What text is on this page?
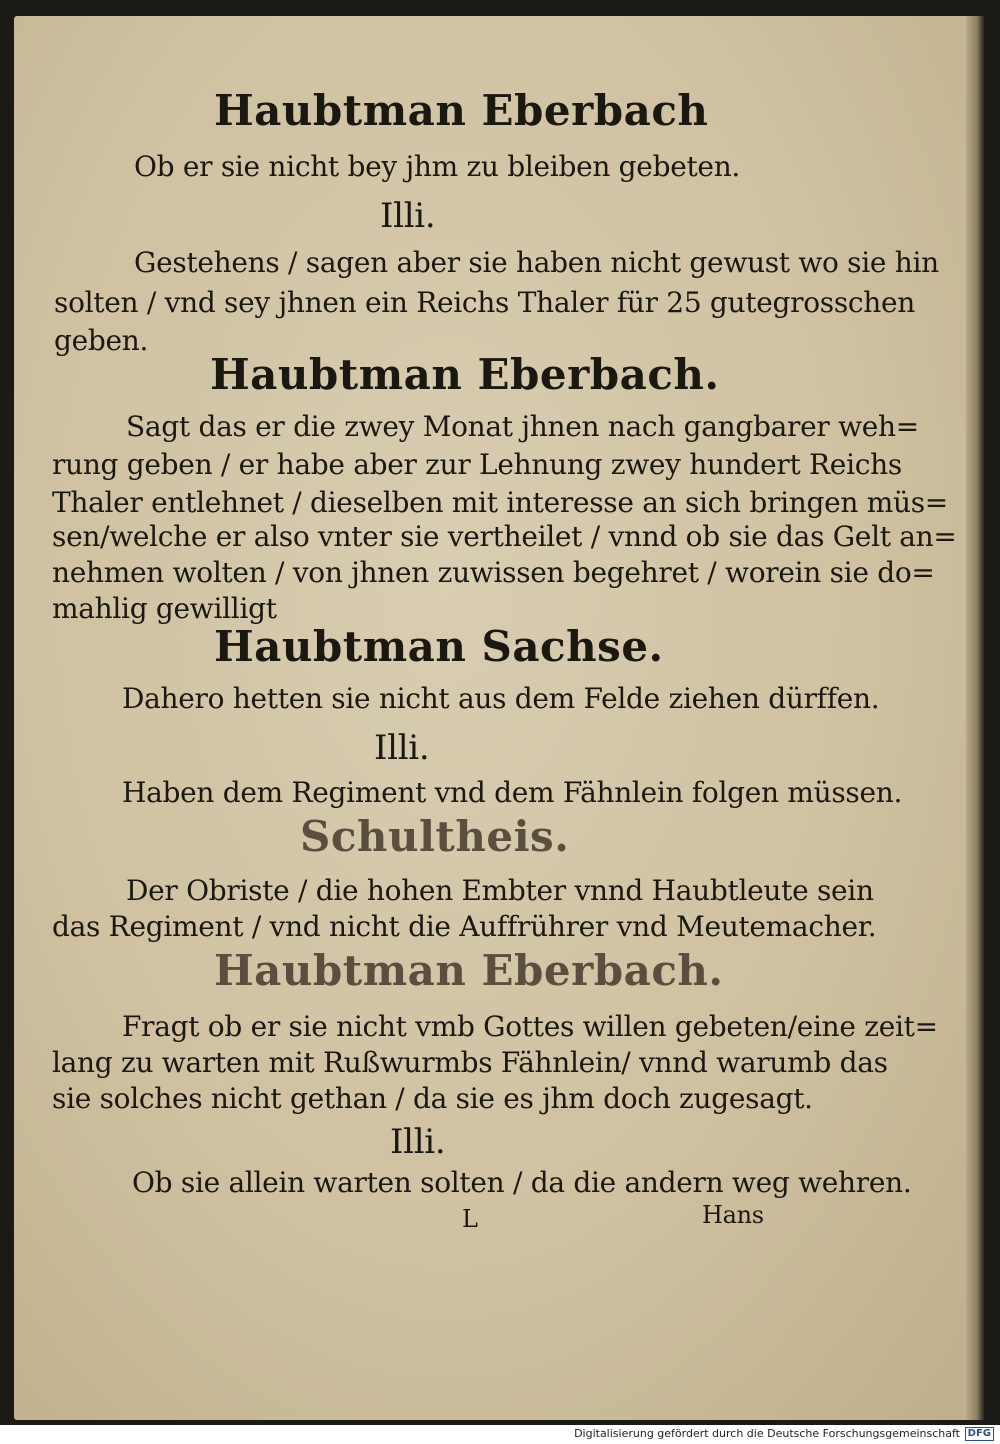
Haubtman Eberbach

Ob er sie nicht bey jhm zu bleiben gebeten.

Illi.

Gestehens / sagen aber sie haben nicht gewust wo sie hin

solten / vnd sey jhnen ein Reichs Thaler für 25 gutegrosschen

geben.

Haubtman Eberbach.

Sagt das er die zwey Monat jhnen nach gangbarer weh=

rung geben / er habe aber zur Lehnung zwey hundert Reichs

Thaler entlehnet / dieselben mit interesse an sich bringen müs=

sen/welche er also vnter sie vertheilet / vnnd ob sie das Gelt an=

nehmen wolten / von jhnen zuwissen begehret / worein sie do=

mahlig gewilligt

Haubtman Sachse.

Dahero hetten sie nicht aus dem Felde ziehen dürffen.

Illi.

Haben dem Regiment vnd dem Fähnlein folgen müssen.

Schultheis.

Der Obriste / die hohen Embter vnnd Haubtleute sein

das Regiment / vnd nicht die Auffrührer vnd Meutemacher.

Haubtman Eberbach.

Fragt ob er sie nicht vmb Gottes willen gebeten/eine zeit=

lang zu warten mit Rußwurmbs Fähnlein/ vnnd warumb das

sie solches nicht gethan / da sie es jhm doch zugesagt.

Illi.

Ob sie allein warten solten / da die andern weg wehren.

L	Hans

Digitalisierung gefördert durch die Deutsche Forschungsgemeinschaft DFG
